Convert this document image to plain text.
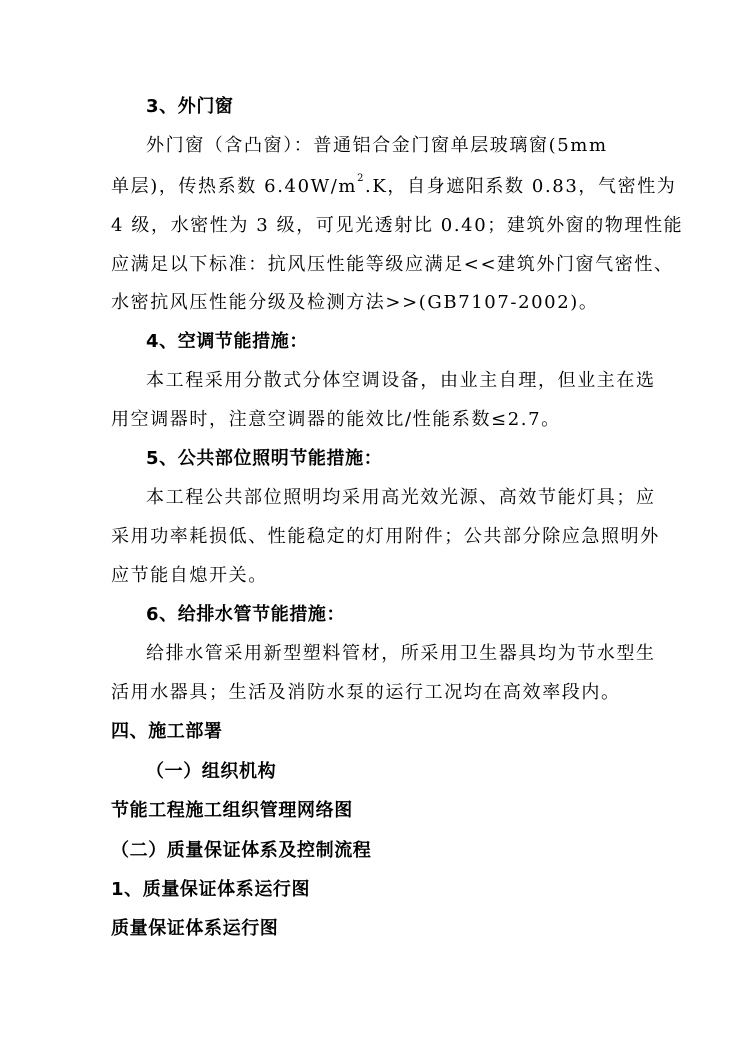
3、外门窗
外门窗（含凸窗）：普通铝合金门窗单层玻璃窗(5mm
单层)，传热系数 $6.40W/m^2.K$，自身遮阳系数 0.83，气密性为
4 级，水密性为 3 级，可见光透射比 0.40；建筑外窗的物理性能
应满足以下标准：抗风压性能等级应满足<<建筑外门窗气密性、
水密抗风压性能分级及检测方法>>(GB7107-2002)。
4、空调节能措施：
本工程采用分散式分体空调设备，由业主自理，但业主在选
用空调器时，注意空调器的能效比/性能系数≤2.7。
5、公共部位照明节能措施：
本工程公共部位照明均采用高光效光源、高效节能灯具；应
采用功率耗损低、性能稳定的灯用附件；公共部分除应急照明外
应节能自熄开关。
6、给排水管节能措施：
给排水管采用新型塑料管材，所采用卫生器具均为节水型生
活用水器具；生活及消防水泵的运行工况均在高效率段内。
四、施工部署
（一）组织机构
节能工程施工组织管理网络图
（二）质量保证体系及控制流程
1、质量保证体系运行图
质量保证体系运行图
